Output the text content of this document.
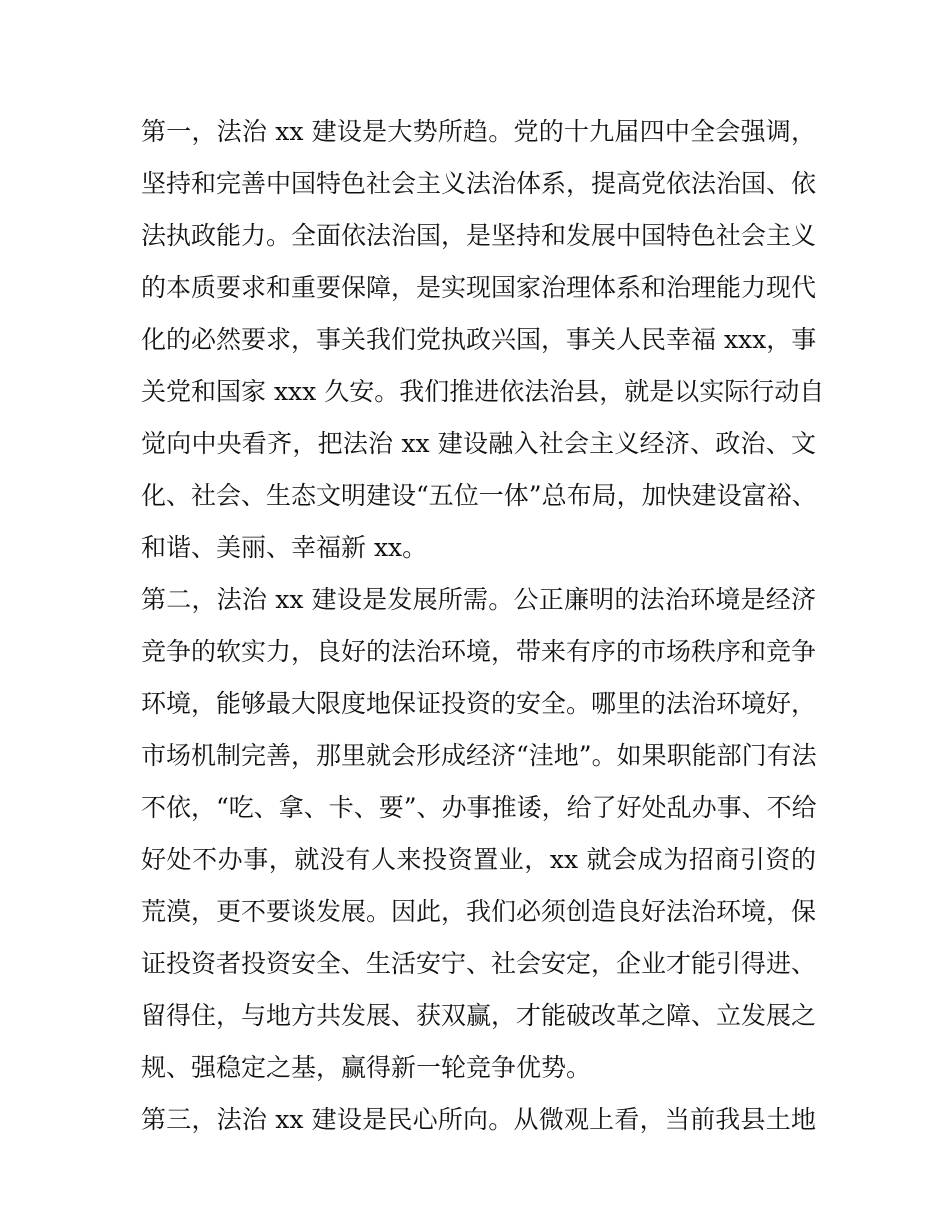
第一，法治 xx 建设是大势所趋。党的十九届四中全会强调，
坚持和完善中国特色社会主义法治体系，提高党依法治国、依
法执政能力。全面依法治国，是坚持和发展中国特色社会主义
的本质要求和重要保障，是实现国家治理体系和治理能力现代
化的必然要求，事关我们党执政兴国，事关人民幸福 xxx，事
关党和国家 xxx 久安。我们推进依法治县，就是以实际行动自
觉向中央看齐，把法治 xx 建设融入社会主义经济、政治、文
化、社会、生态文明建设“五位一体”总布局，加快建设富裕、
和谐、美丽、幸福新 xx。
第二，法治 xx 建设是发展所需。公正廉明的法治环境是经济
竞争的软实力，良好的法治环境，带来有序的市场秩序和竞争
环境，能够最大限度地保证投资的安全。哪里的法治环境好，
市场机制完善，那里就会形成经济“洼地”。如果职能部门有法
不依，“吃、拿、卡、要”、办事推诿，给了好处乱办事、不给
好处不办事，就没有人来投资置业，xx 就会成为招商引资的
荒漠，更不要谈发展。因此，我们必须创造良好法治环境，保
证投资者投资安全、生活安宁、社会安定，企业才能引得进、
留得住，与地方共发展、获双赢，才能破改革之障、立发展之
规、强稳定之基，赢得新一轮竞争优势。
第三，法治 xx 建设是民心所向。从微观上看，当前我县土地
